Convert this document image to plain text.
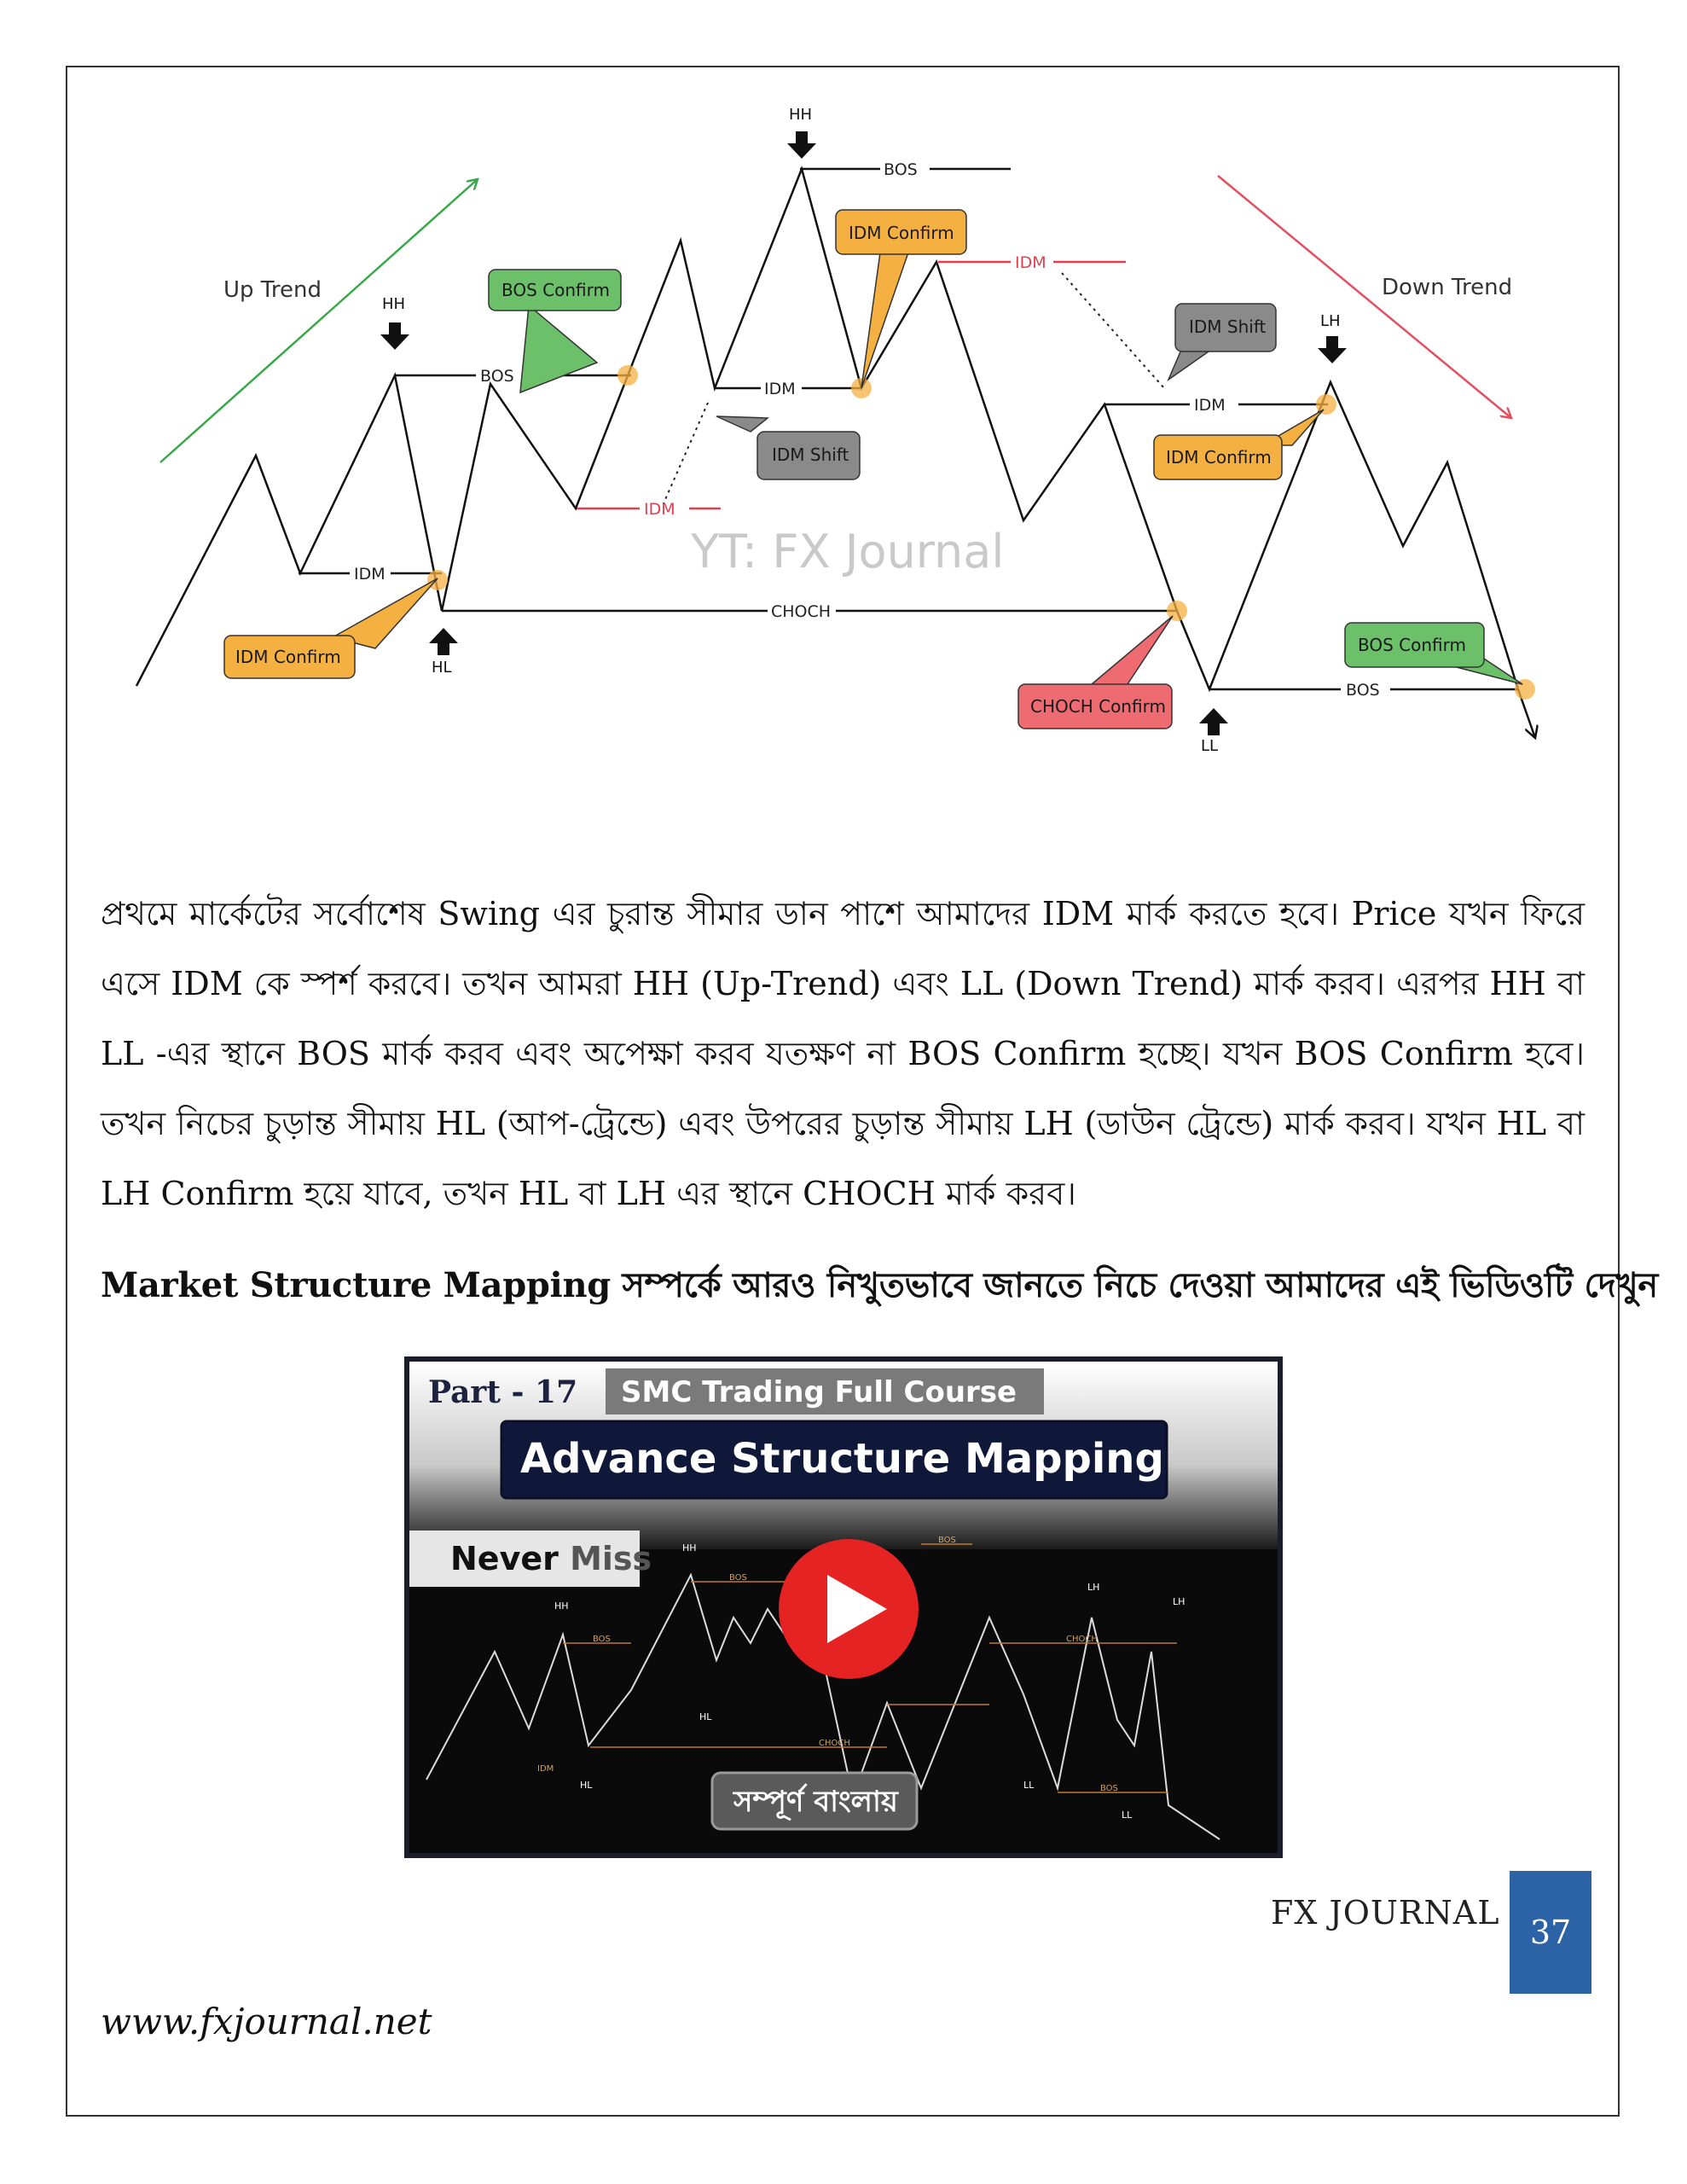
YT: FX Journal
Up Trend	Down Trend
IDM
BOS
CHOCH
IDM
BOS
IDM
BOS
IDM
IDM
HH
HH
HL
LH
LL
BOS Confirm
IDM Confirm
IDM Confirm
IDM Shift
IDM Shift
IDM Confirm
CHOCH Confirm
BOS Confirm

প্রথমে মার্কেটের সর্বোশেষ Swing এর চুরান্ত সীমার ডান পাশে আমাদের IDM মার্ক করতে হবে। Price যখন ফিরে এসে IDM কে স্পর্শ করবে। তখন আমরা HH (Up-Trend) এবং LL (Down Trend) মার্ক করব। এরপর HH বা LL -এর স্থানে BOS মার্ক করব এবং অপেক্ষা করব যতক্ষণ না BOS Confirm হচ্ছে। যখন BOS Confirm হবে। তখন নিচের চুড়ান্ত সীমায় HL (আপ-ট্রেন্ডে) এবং উপরের চুড়ান্ত সীমায় LH (ডাউন ট্রেন্ডে) মার্ক করব। যখন HL বা LH Confirm হয়ে যাবে, তখন HL বা LH এর স্থানে CHOCH মার্ক করব।

Market Structure Mapping সম্পর্কে আরও নিখুতভাবে জানতে নিচে দেওয়া আমাদের এই ভিডিওটি দেখুন

Part - 17 SMC Trading Full Course
Advance Structure Mapping
Never Miss
BOS
BOS
CHOCH
IDM
CHOCH
BOS
BOS
HH
HH
HL
HL
LH
LH
LL
LL
সম্পূর্ণ বাংলায়
FX JOURNAL
37
www.fxjournal.net
